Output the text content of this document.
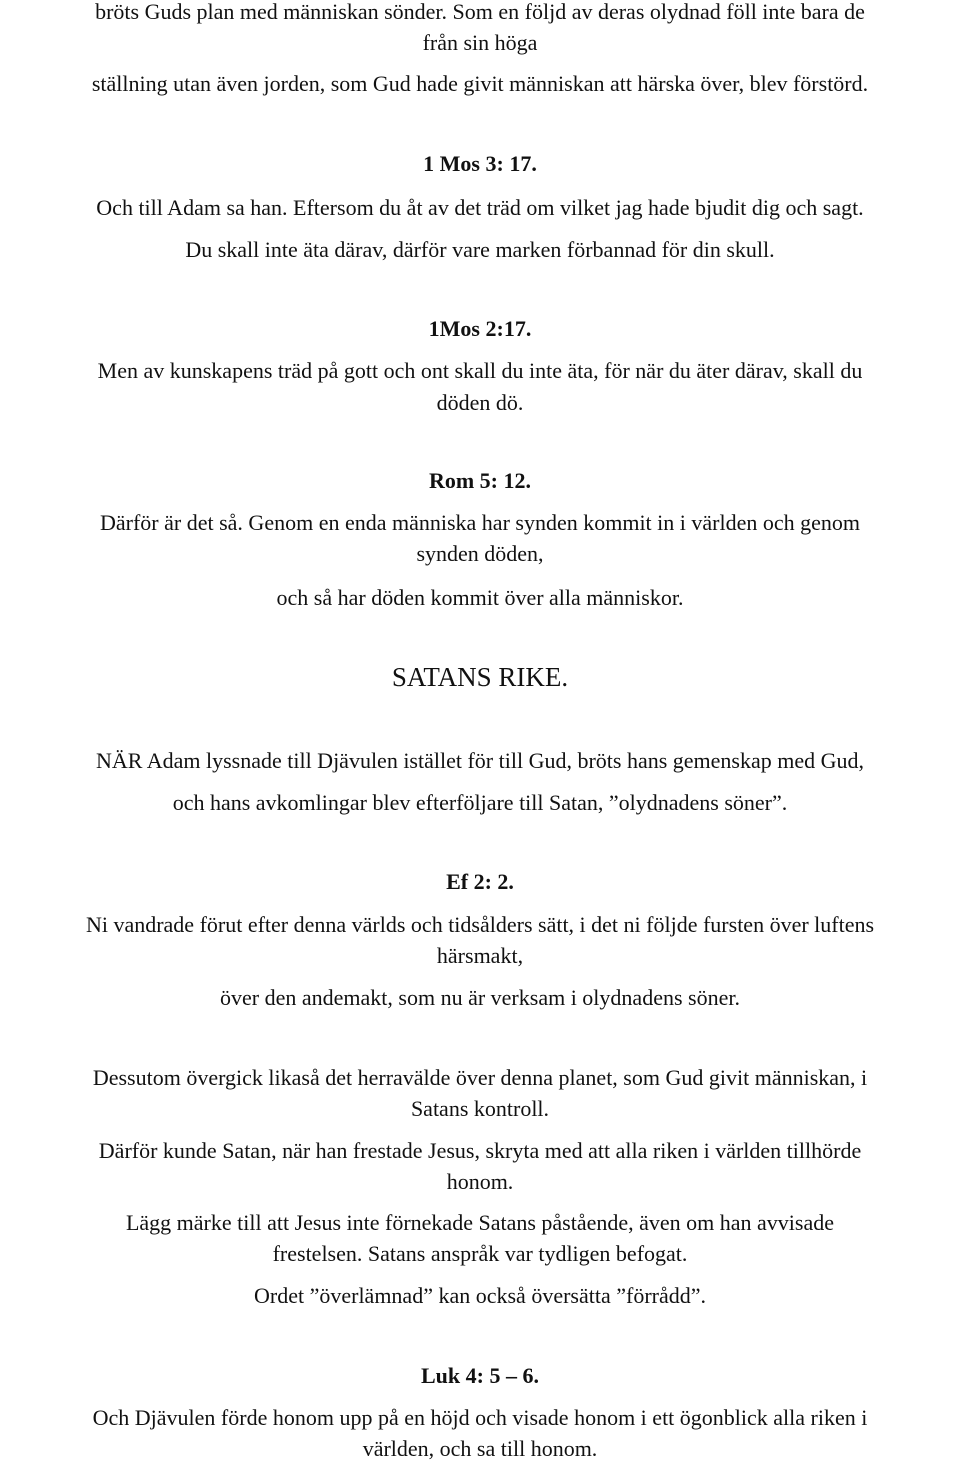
bröts Guds plan med människan sönder. Som en följd av deras olydnad föll inte bara de
från sin höga
ställning utan även jorden, som Gud hade givit människan att härska över, blev förstörd.
1 Mos 3: 17.
Och till Adam sa han. Eftersom du åt av det träd om vilket jag hade bjudit dig och sagt.
Du skall inte äta därav, därför vare marken förbannad för din skull.
1Mos 2:17.
Men av kunskapens träd på gott och ont skall du inte äta, för när du äter därav, skall du
döden dö.
Rom 5: 12.
Därför är det så. Genom en enda människa har synden kommit in i världen och genom
synden döden,
och så har döden kommit över alla människor.
SATANS RIKE.
NÄR Adam lyssnade till Djävulen istället för till Gud, bröts hans gemenskap med Gud,
och hans avkomlingar blev efterföljare till Satan, ”olydnadens söner”.
Ef 2: 2.
Ni vandrade förut efter denna världs och tidsålders sätt, i det ni följde fursten över luftens
härsmakt,
över den andemakt, som nu är verksam i olydnadens söner.
Dessutom övergick likaså det herravälde över denna planet, som Gud givit människan, i
Satans kontroll.
Därför kunde Satan, när han frestade Jesus, skryta med att alla riken i världen tillhörde
honom.
Lägg märke till att Jesus inte förnekade Satans påstående, även om han avvisade
frestelsen. Satans anspråk var tydligen befogat.
Ordet ”överlämnad” kan också översätta ”förrådd”.
Luk 4: 5 – 6.
Och Djävulen förde honom upp på en höjd och visade honom i ett ögonblick alla riken i
världen, och sa till honom.
